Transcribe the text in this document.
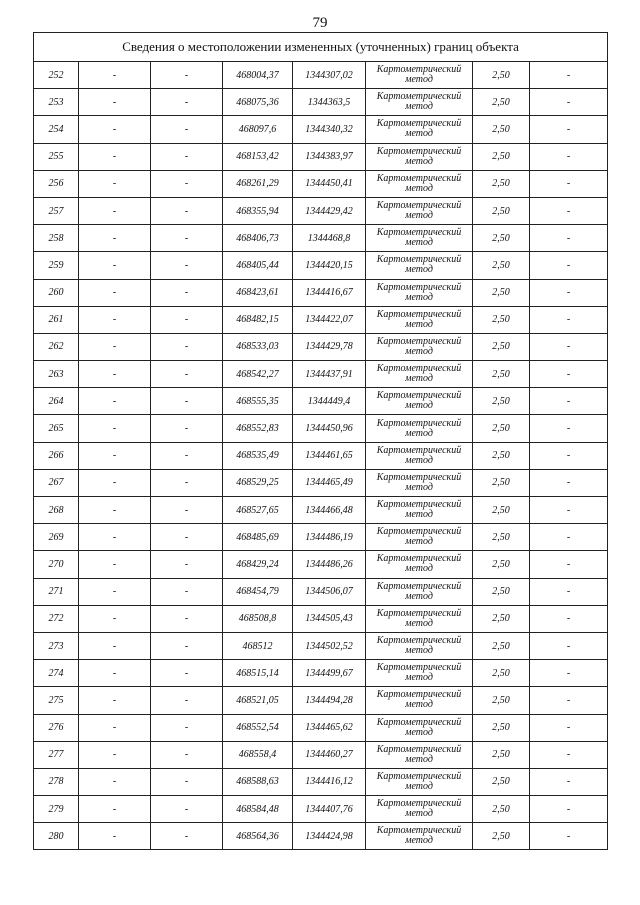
79
Сведения о местоположении измененных (уточненных) границ объекта							
252	-	-	468004,37	1344307,02	Картометрический
метод	2,50	-
253	-	-	468075,36	1344363,5	Картометрический
метод	2,50	-
254	-	-	468097,6	1344340,32	Картометрический
метод	2,50	-
255	-	-	468153,42	1344383,97	Картометрический
метод	2,50	-
256	-	-	468261,29	1344450,41	Картометрический
метод	2,50	-
257	-	-	468355,94	1344429,42	Картометрический
метод	2,50	-
258	-	-	468406,73	1344468,8	Картометрический
метод	2,50	-
259	-	-	468405,44	1344420,15	Картометрический
метод	2,50	-
260	-	-	468423,61	1344416,67	Картометрический
метод	2,50	-
261	-	-	468482,15	1344422,07	Картометрический
метод	2,50	-
262	-	-	468533,03	1344429,78	Картометрический
метод	2,50	-
263	-	-	468542,27	1344437,91	Картометрический
метод	2,50	-
264	-	-	468555,35	1344449,4	Картометрический
метод	2,50	-
265	-	-	468552,83	1344450,96	Картометрический
метод	2,50	-
266	-	-	468535,49	1344461,65	Картометрический
метод	2,50	-
267	-	-	468529,25	1344465,49	Картометрический
метод	2,50	-
268	-	-	468527,65	1344466,48	Картометрический
метод	2,50	-
269	-	-	468485,69	1344486,19	Картометрический
метод	2,50	-
270	-	-	468429,24	1344486,26	Картометрический
метод	2,50	-
271	-	-	468454,79	1344506,07	Картометрический
метод	2,50	-
272	-	-	468508,8	1344505,43	Картометрический
метод	2,50	-
273	-	-	468512	1344502,52	Картометрический
метод	2,50	-
274	-	-	468515,14	1344499,67	Картометрический
метод	2,50	-
275	-	-	468521,05	1344494,28	Картометрический
метод	2,50	-
276	-	-	468552,54	1344465,62	Картометрический
метод	2,50	-
277	-	-	468558,4	1344460,27	Картометрический
метод	2,50	-
278	-	-	468588,63	1344416,12	Картометрический
метод	2,50	-
279	-	-	468584,48	1344407,76	Картометрический
метод	2,50	-
280	-	-	468564,36	1344424,98	Картометрический
метод	2,50	-
